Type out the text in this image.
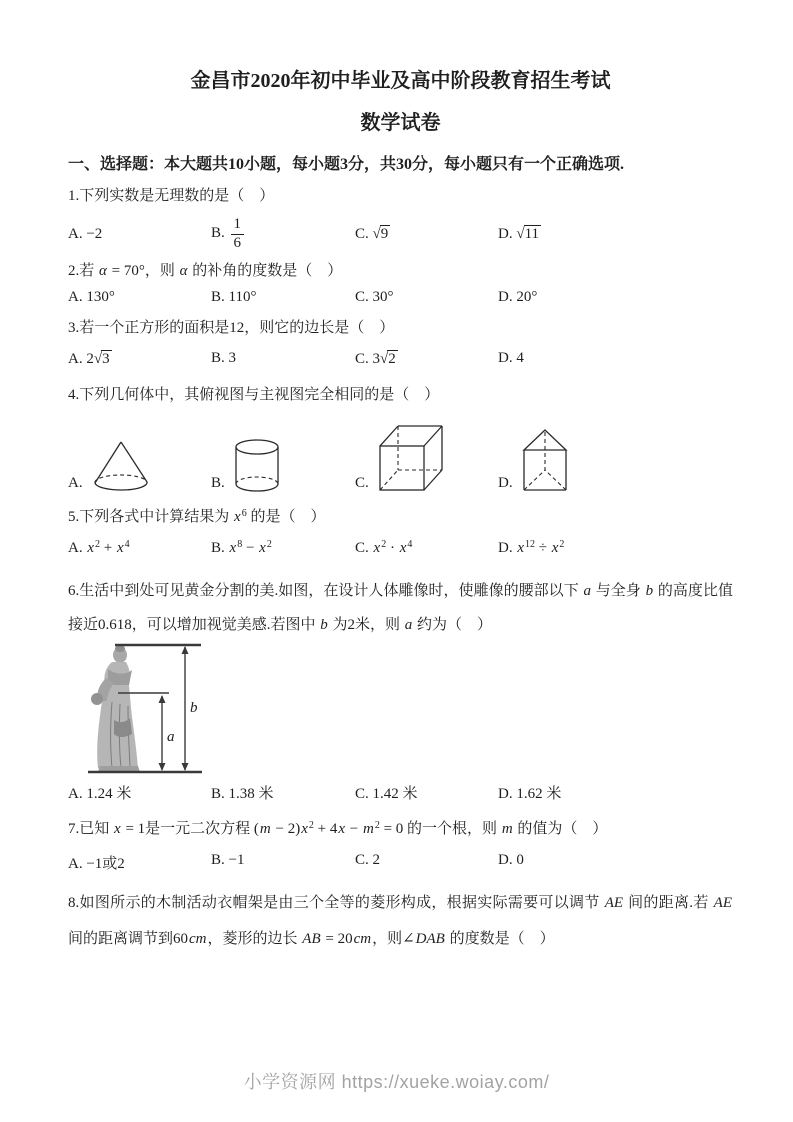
金昌市2020年初中毕业及高中阶段教育招生考试
数学试卷
一、选择题：本大题共10小题，每小题3分，共30分，每小题只有一个正确选项.
1.下列实数是无理数的是（　）
A. −2	B. $\frac{1}{6}$	C. √9	D. √11
2.若 α = 70°，则 α 的补角的度数是（　）
A. 130°	B. 110°	C. 30°	D. 20°
3.若一个正方形的面积是12，则它的边长是（　）
A. 2√3	B. 3	C. 3√2	D. 4
4.下列几何体中，其俯视图与主视图完全相同的是（　）
A.	B.	C.	D.
5.下列各式中计算结果为 $x^6$ 的是（　）
A. $x^2 + x^4$	B. $x^8 - x^2$	C. $x^2 \cdot x^4$	D. $x^{12} \div x^2$
6.生活中到处可见黄金分割的美.如图，在设计人体雕像时，使雕像的腰部以下 a 与全身 b 的高度比值接近0.618，可以增加视觉美感.若图中 b 为2米，则 a 约为（　）
b
a
A. 1.24 米	B. 1.38 米	C. 1.42 米	D. 1.62 米
7.已知 x = 1是一元二次方程 $(m - 2)x^2 + 4x - m^2 = 0$ 的一个根，则 m 的值为（　）
A. −1或2	B. −1	C. 2	D. 0
8.如图所示的木制活动衣帽架是由三个全等的菱形构成，根据实际需要可以调节 AE 间的距离.若 AE 间的距离调节到60cm，菱形的边长 AB = 20cm，则∠DAB 的度数是（　）
小学资源网 https://xueke.woiay.com/
